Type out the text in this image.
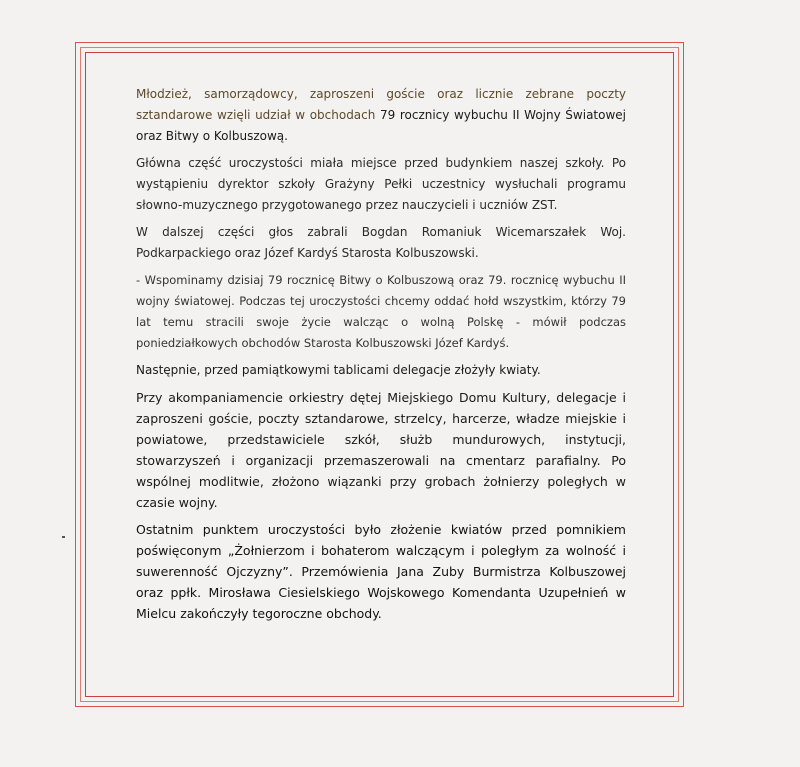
Młodzież, samorządowcy, zaproszeni goście oraz licznie zebrane poczty sztandarowe wzięli udział w obchodach 79 rocznicy wybuchu II Wojny Światowej oraz Bitwy o Kolbuszową.

Główna część uroczystości miała miejsce przed budynkiem naszej szkoły. Po wystąpieniu dyrektor szkoły Grażyny Pełki uczestnicy wysłuchali programu słowno-muzycznego przygotowanego przez nauczycieli i uczniów ZST.

W dalszej części głos zabrali Bogdan Romaniuk Wicemarszałek Woj. Podkarpackiego oraz Józef Kardyś Starosta Kolbuszowski.

- Wspominamy dzisiaj 79 rocznicę Bitwy o Kolbuszową oraz 79. rocznicę wybuchu II wojny światowej. Podczas tej uroczystości chcemy oddać hołd wszystkim, którzy 79 lat temu stracili swoje życie walcząc o wolną Polskę - mówił podczas poniedziałkowych obchodów Starosta Kolbuszowski Józef Kardyś.

Następnie, przed pamiątkowymi tablicami delegacje złożyły kwiaty.

Przy akompaniamencie orkiestry dętej Miejskiego Domu Kultury, delegacje i zaproszeni goście, poczty sztandarowe, strzelcy, harcerze, władze miejskie i powiatowe, przedstawiciele szkół, służb mundurowych, instytucji, stowarzyszeń i organizacji przemaszerowali na cmentarz parafialny. Po wspólnej modlitwie, złożono wiązanki przy grobach żołnierzy poległych w czasie wojny.

Ostatnim punktem uroczystości było złożenie kwiatów przed pomnikiem poświęconym „Żołnierzom i bohaterom walczącym i poległym za wolność i suwerenność Ojczyzny”. Przemówienia Jana Zuby Burmistrza Kolbuszowej oraz ppłk. Mirosława Ciesielskiego Wojskowego Komendanta Uzupełnień w Mielcu zakończyły tegoroczne obchody.
